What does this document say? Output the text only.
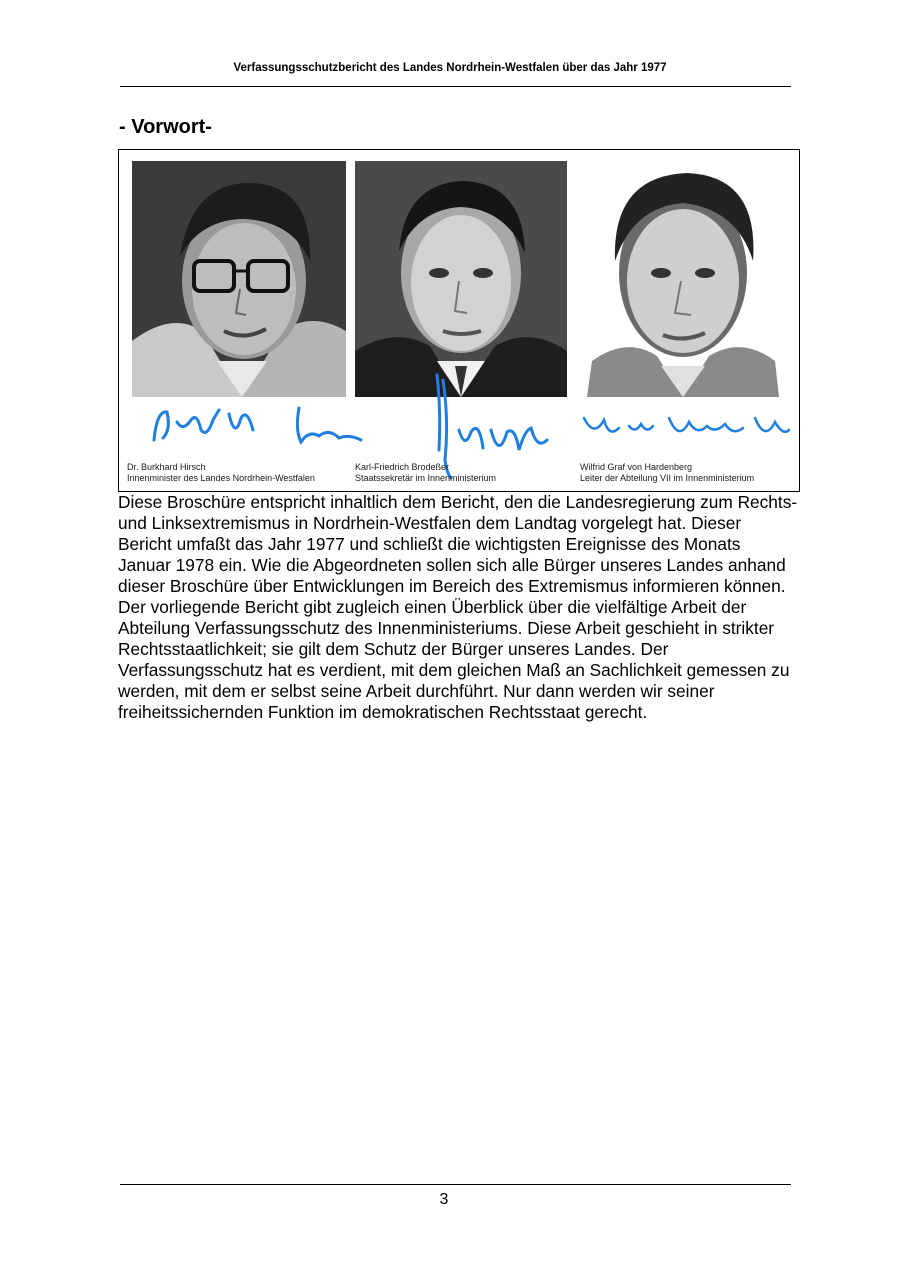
Verfassungsschutzbericht des Landes Nordrhein-Westfalen über das Jahr 1977
- Vorwort-
Dr. Burkhard Hirsch
Innenminister des Landes Nordrhein-Westfalen
Karl-Friedrich Brodeßer
Staatssekretär im Innenministerium
Wilfrid Graf von Hardenberg
Leiter der Abteilung VII im Innenministerium

Diese Broschüre entspricht inhaltlich dem Bericht, den die Landesregierung zum Rechts- und Linksextremismus in Nordrhein-Westfalen dem Landtag vorgelegt hat. Dieser Bericht umfaßt das Jahr 1977 und schließt die wichtigsten Ereignisse des Monats Januar 1978 ein. Wie die Abgeordneten sollen sich alle Bürger unseres Landes anhand dieser Broschüre über Entwicklungen im Bereich des Extremismus informieren können.

Der vorliegende Bericht gibt zugleich einen Überblick über die vielfältige Arbeit der Abteilung Verfassungsschutz des Innenministeriums. Diese Arbeit geschieht in strikter Rechtsstaatlichkeit; sie gilt dem Schutz der Bürger unseres Landes. Der Verfassungsschutz hat es verdient, mit dem gleichen Maß an Sachlichkeit gemessen zu werden, mit dem er selbst seine Arbeit durchführt. Nur dann werden wir seiner freiheitssichernden Funktion im demokratischen Rechtsstaat gerecht.

3
